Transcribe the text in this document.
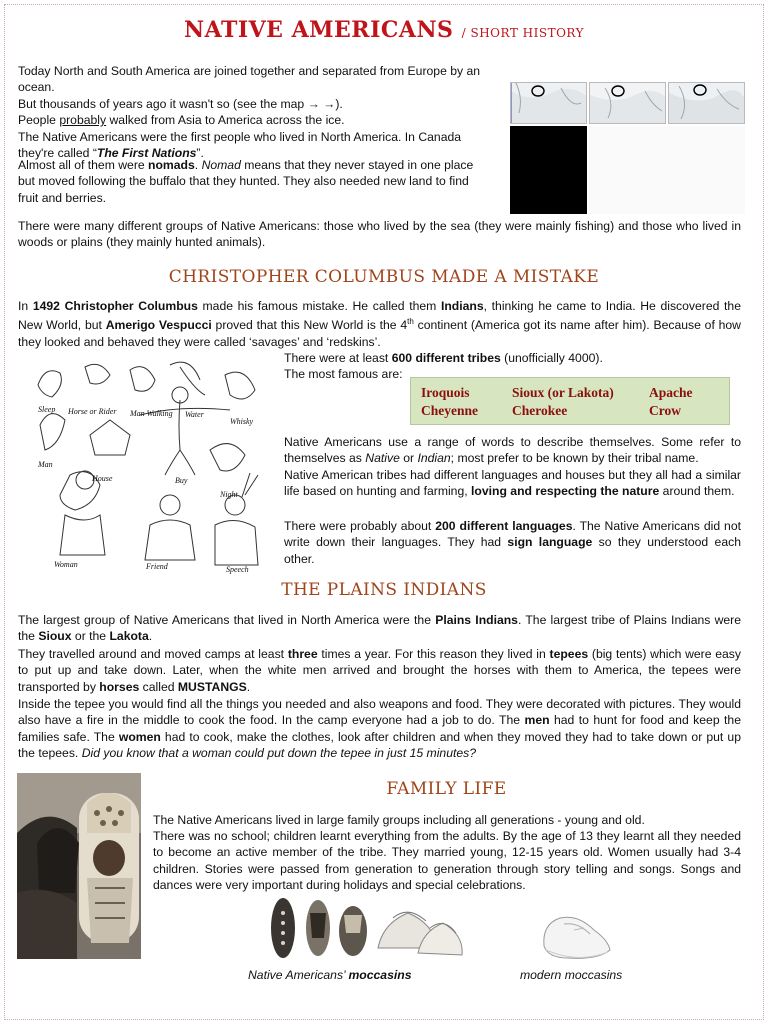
NATIVE AMERICANS / SHORT HISTORY
Today North and South America are joined together and separated from Europe by an ocean.
But thousands of years ago it wasn't so (see the map → →).
People probably walked from Asia to America across the ice.
The Native Americans were the first people who lived in North America. In Canada
they're called “The First Nations”.
Almost all of them were nomads. Nomad means that they never stayed in one place
but moved following the buffalo that they hunted. They also needed new land to find
fruit and berries.
There were many different groups of Native Americans: those who lived by the sea (they were mainly fishing) and those who lived in woods or plains (they mainly hunted animals).
CHRISTOPHER COLUMBUS MADE A MISTAKE
In 1492 Christopher Columbus made his famous mistake. He called them Indians, thinking he came to India. He discovered the New World, but Amerigo Vespucci proved that this New World is the 4th continent (America got its name after him). Because of how they looked and behaved they were called ‘savages’ and ‘redskins’.
Sleep Horse or Rider Man Walking Water
Whisky
Man
House	Buy
Night
Woman	Friend	Speech
There were at least 600 different tribes (unofficially 4000).
The most famous are:
Iroquois	Sioux (or Lakota)	Apache
Cheyenne	Cherokee	Crow
Native Americans use a range of words to describe themselves. Some refer to themselves as Native or Indian; most prefer to be known by their tribal name.
Native American tribes had different languages and houses but they all had a similar life based on hunting and farming, loving and respecting the nature around them.
There were probably about 200 different languages. The Native Americans did not write down their languages. They had sign language so they understood each other.
THE PLAINS INDIANS
The largest group of Native Americans that lived in North America were the Plains Indians. The largest tribe of Plains Indians were the Sioux or the Lakota.
They travelled around and moved camps at least three times a year. For this reason they lived in tepees (big tents) which were easy to put up and take down. Later, when the white men arrived and brought the horses with them to America, the tepees were transported by horses called MUSTANGS.
Inside the tepee you would find all the things you needed and also weapons and food. They were decorated with pictures. They would also have a fire in the middle to cook the food. In the camp everyone had a job to do. The men had to hunt for food and keep the families safe. The women had to cook, make the clothes, look after children and when they moved they had to take down or put up the tepees. Did you know that a woman could put down the tepee in just 15 minutes?
FAMILY LIFE
The Native Americans lived in large family groups including all generations - young and old.
There was no school; children learnt everything from the adults. By the age of 13 they learnt all they needed to become an active member of the tribe. They married young, 12-15 years old. Women usually had 3-4 children. Stories were passed from generation to generation through story telling and songs. Songs and dances were very important during holidays and special celebrations.
Native Americans’ moccasins	modern moccasins
